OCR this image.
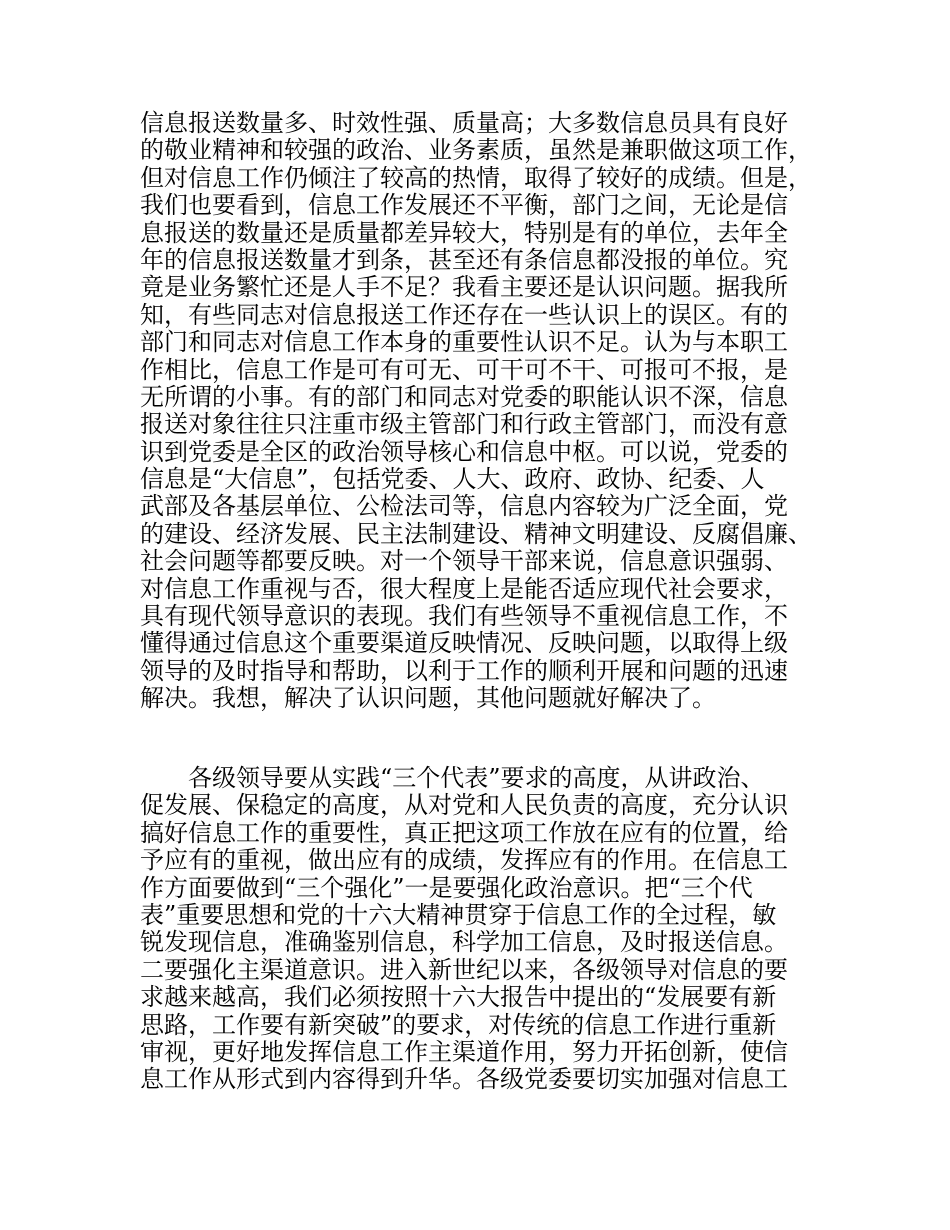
信息报送数量多、时效性强、质量高；大多数信息员具有良好
的敬业精神和较强的政治、业务素质，虽然是兼职做这项工作，
但对信息工作仍倾注了较高的热情，取得了较好的成绩。但是，
我们也要看到，信息工作发展还不平衡，部门之间，无论是信
息报送的数量还是质量都差异较大，特别是有的单位，去年全
年的信息报送数量才到条，甚至还有条信息都没报的单位。究
竟是业务繁忙还是人手不足？我看主要还是认识问题。据我所
知，有些同志对信息报送工作还存在一些认识上的误区。有的
部门和同志对信息工作本身的重要性认识不足。认为与本职工
作相比，信息工作是可有可无、可干可不干、可报可不报，是
无所谓的小事。有的部门和同志对党委的职能认识不深，信息
报送对象往往只注重市级主管部门和行政主管部门，而没有意
识到党委是全区的政治领导核心和信息中枢。可以说，党委的
信息是“大信息”，包括党委、人大、政府、政协、纪委、人
武部及各基层单位、公检法司等，信息内容较为广泛全面，党
的建设、经济发展、民主法制建设、精神文明建设、反腐倡廉、
社会问题等都要反映。对一个领导干部来说，信息意识强弱、
对信息工作重视与否，很大程度上是能否适应现代社会要求，
具有现代领导意识的表现。我们有些领导不重视信息工作，不
懂得通过信息这个重要渠道反映情况、反映问题，以取得上级
领导的及时指导和帮助，以利于工作的顺利开展和问题的迅速
解决。我想，解决了认识问题，其他问题就好解决了。
　　各级领导要从实践“三个代表”要求的高度，从讲政治、
促发展、保稳定的高度，从对党和人民负责的高度，充分认识
搞好信息工作的重要性，真正把这项工作放在应有的位置，给
予应有的重视，做出应有的成绩，发挥应有的作用。在信息工
作方面要做到“三个强化”一是要强化政治意识。把“三个代
表”重要思想和党的十六大精神贯穿于信息工作的全过程，敏
锐发现信息，准确鉴别信息，科学加工信息，及时报送信息。
二要强化主渠道意识。进入新世纪以来，各级领导对信息的要
求越来越高，我们必须按照十六大报告中提出的“发展要有新
思路，工作要有新突破”的要求，对传统的信息工作进行重新
审视，更好地发挥信息工作主渠道作用，努力开拓创新，使信
息工作从形式到内容得到升华。各级党委要切实加强对信息工
